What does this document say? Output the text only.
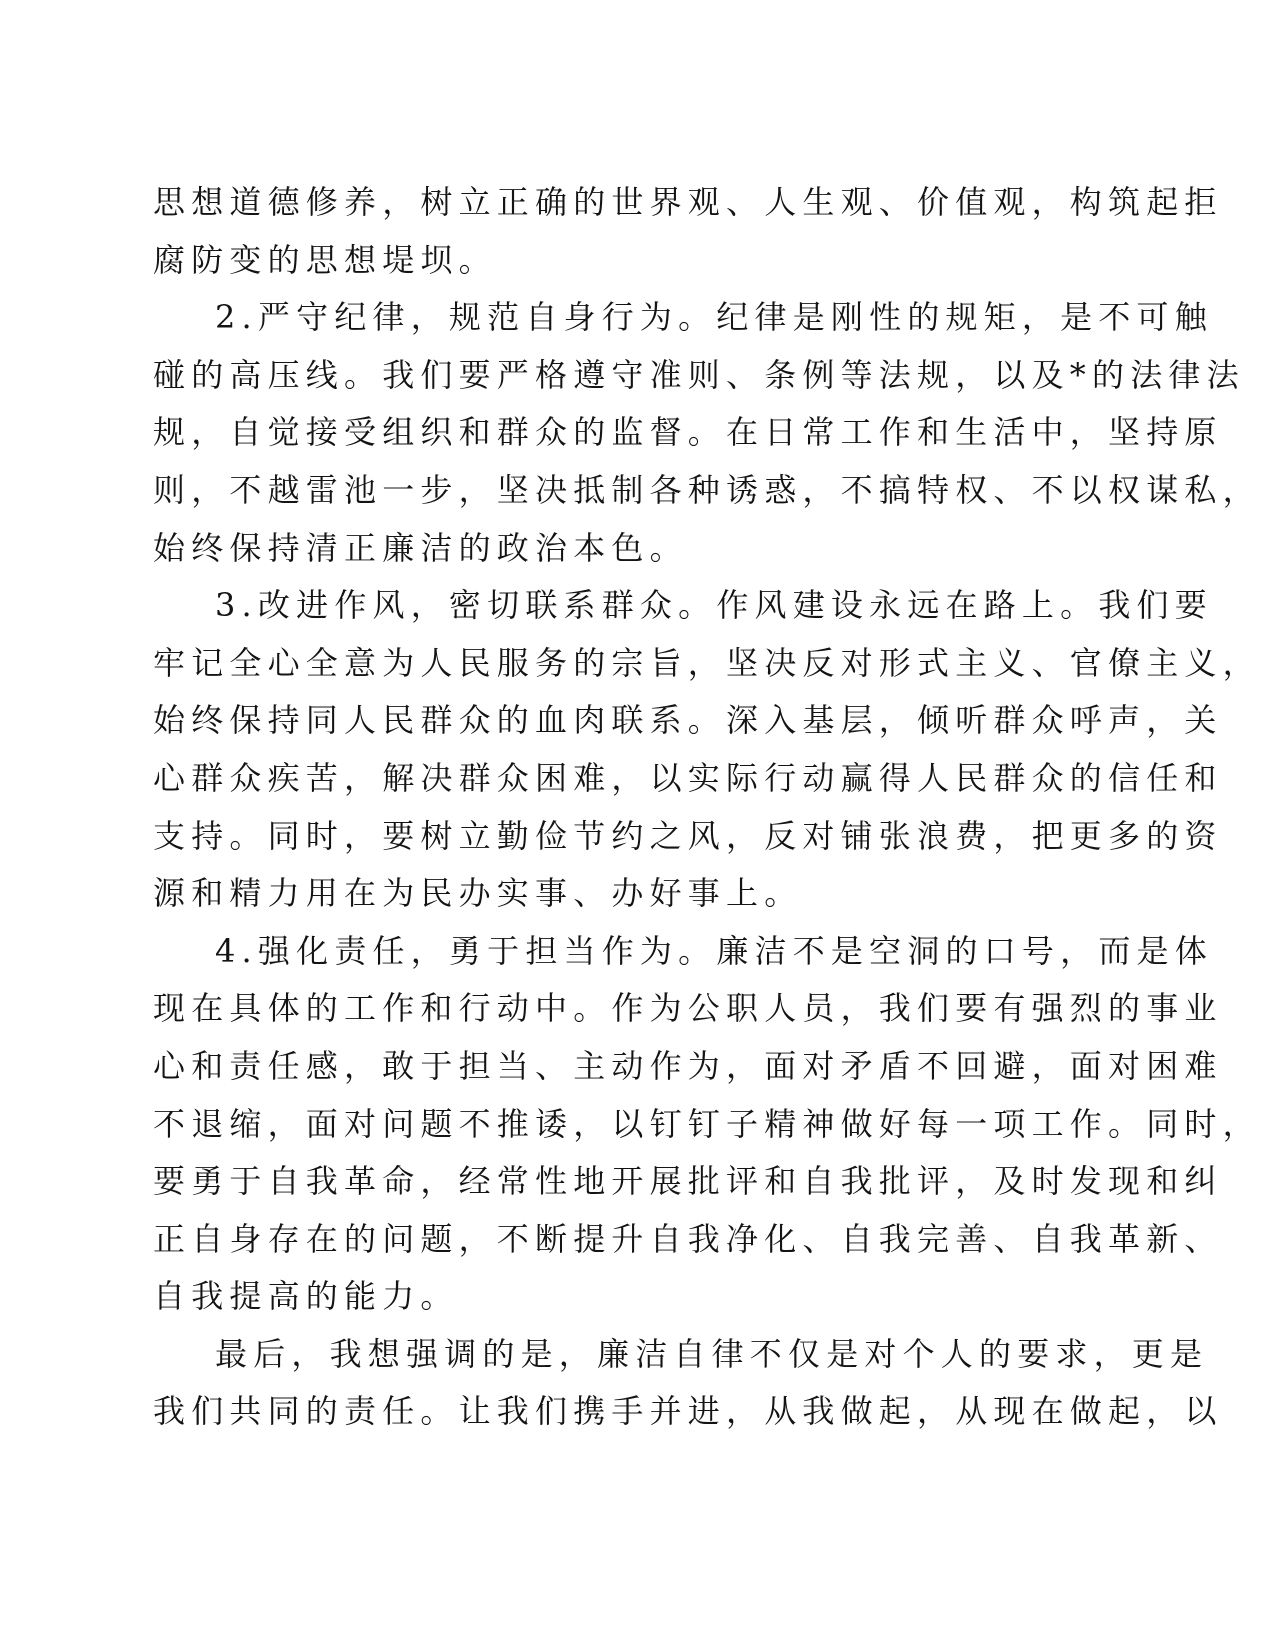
思想道德修养，树立正确的世界观、人生观、价值观，构筑起拒
腐防变的思想堤坝。
2.严守纪律，规范自身行为。纪律是刚性的规矩，是不可触
碰的高压线。我们要严格遵守准则、条例等法规，以及*的法律法
规，自觉接受组织和群众的监督。在日常工作和生活中，坚持原
则，不越雷池一步，坚决抵制各种诱惑，不搞特权、不以权谋私，
始终保持清正廉洁的政治本色。
3.改进作风，密切联系群众。作风建设永远在路上。我们要
牢记全心全意为人民服务的宗旨，坚决反对形式主义、官僚主义，
始终保持同人民群众的血肉联系。深入基层，倾听群众呼声，关
心群众疾苦，解决群众困难，以实际行动赢得人民群众的信任和
支持。同时，要树立勤俭节约之风，反对铺张浪费，把更多的资
源和精力用在为民办实事、办好事上。
4.强化责任，勇于担当作为。廉洁不是空洞的口号，而是体
现在具体的工作和行动中。作为公职人员，我们要有强烈的事业
心和责任感，敢于担当、主动作为，面对矛盾不回避，面对困难
不退缩，面对问题不推诿，以钉钉子精神做好每一项工作。同时，
要勇于自我革命，经常性地开展批评和自我批评，及时发现和纠
正自身存在的问题，不断提升自我净化、自我完善、自我革新、
自我提高的能力。
最后，我想强调的是，廉洁自律不仅是对个人的要求，更是
我们共同的责任。让我们携手并进，从我做起，从现在做起，以
